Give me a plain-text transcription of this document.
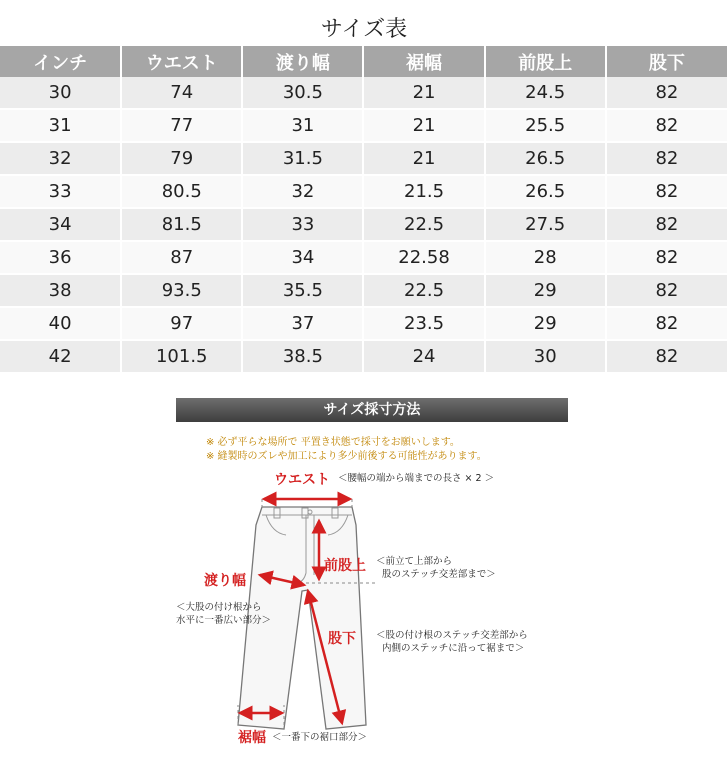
サイズ表
インチ	ウエスト	渡り幅	裾幅	前股上	股下
30	74	30.5	21	24.5	82
31	77	31	21	25.5	82
32	79	31.5	21	26.5	82
33	80.5	32	21.5	26.5	82
34	81.5	33	22.5	27.5	82
36	87	34	22.58	28	82
38	93.5	35.5	22.5	29	82
40	97	37	23.5	29	82
42	101.5	38.5	24	30	82
サイズ採寸方法
※ 必ず平らな場所で 平置き状態で採寸をお願いします。
※ 縫製時のズレや加工により多少前後する可能性があります。
ウエスト ＜腰幅の端から端までの長さ × 2 ＞
前股上 ＜前立て上部から
股のステッチ交差部まで＞
渡り幅
＜大股の付け根から
水平に一番広い部分＞
股下 ＜股の付け根のステッチ交差部から
内側のステッチに沿って裾まで＞
裾幅 ＜一番下の裾口部分＞
